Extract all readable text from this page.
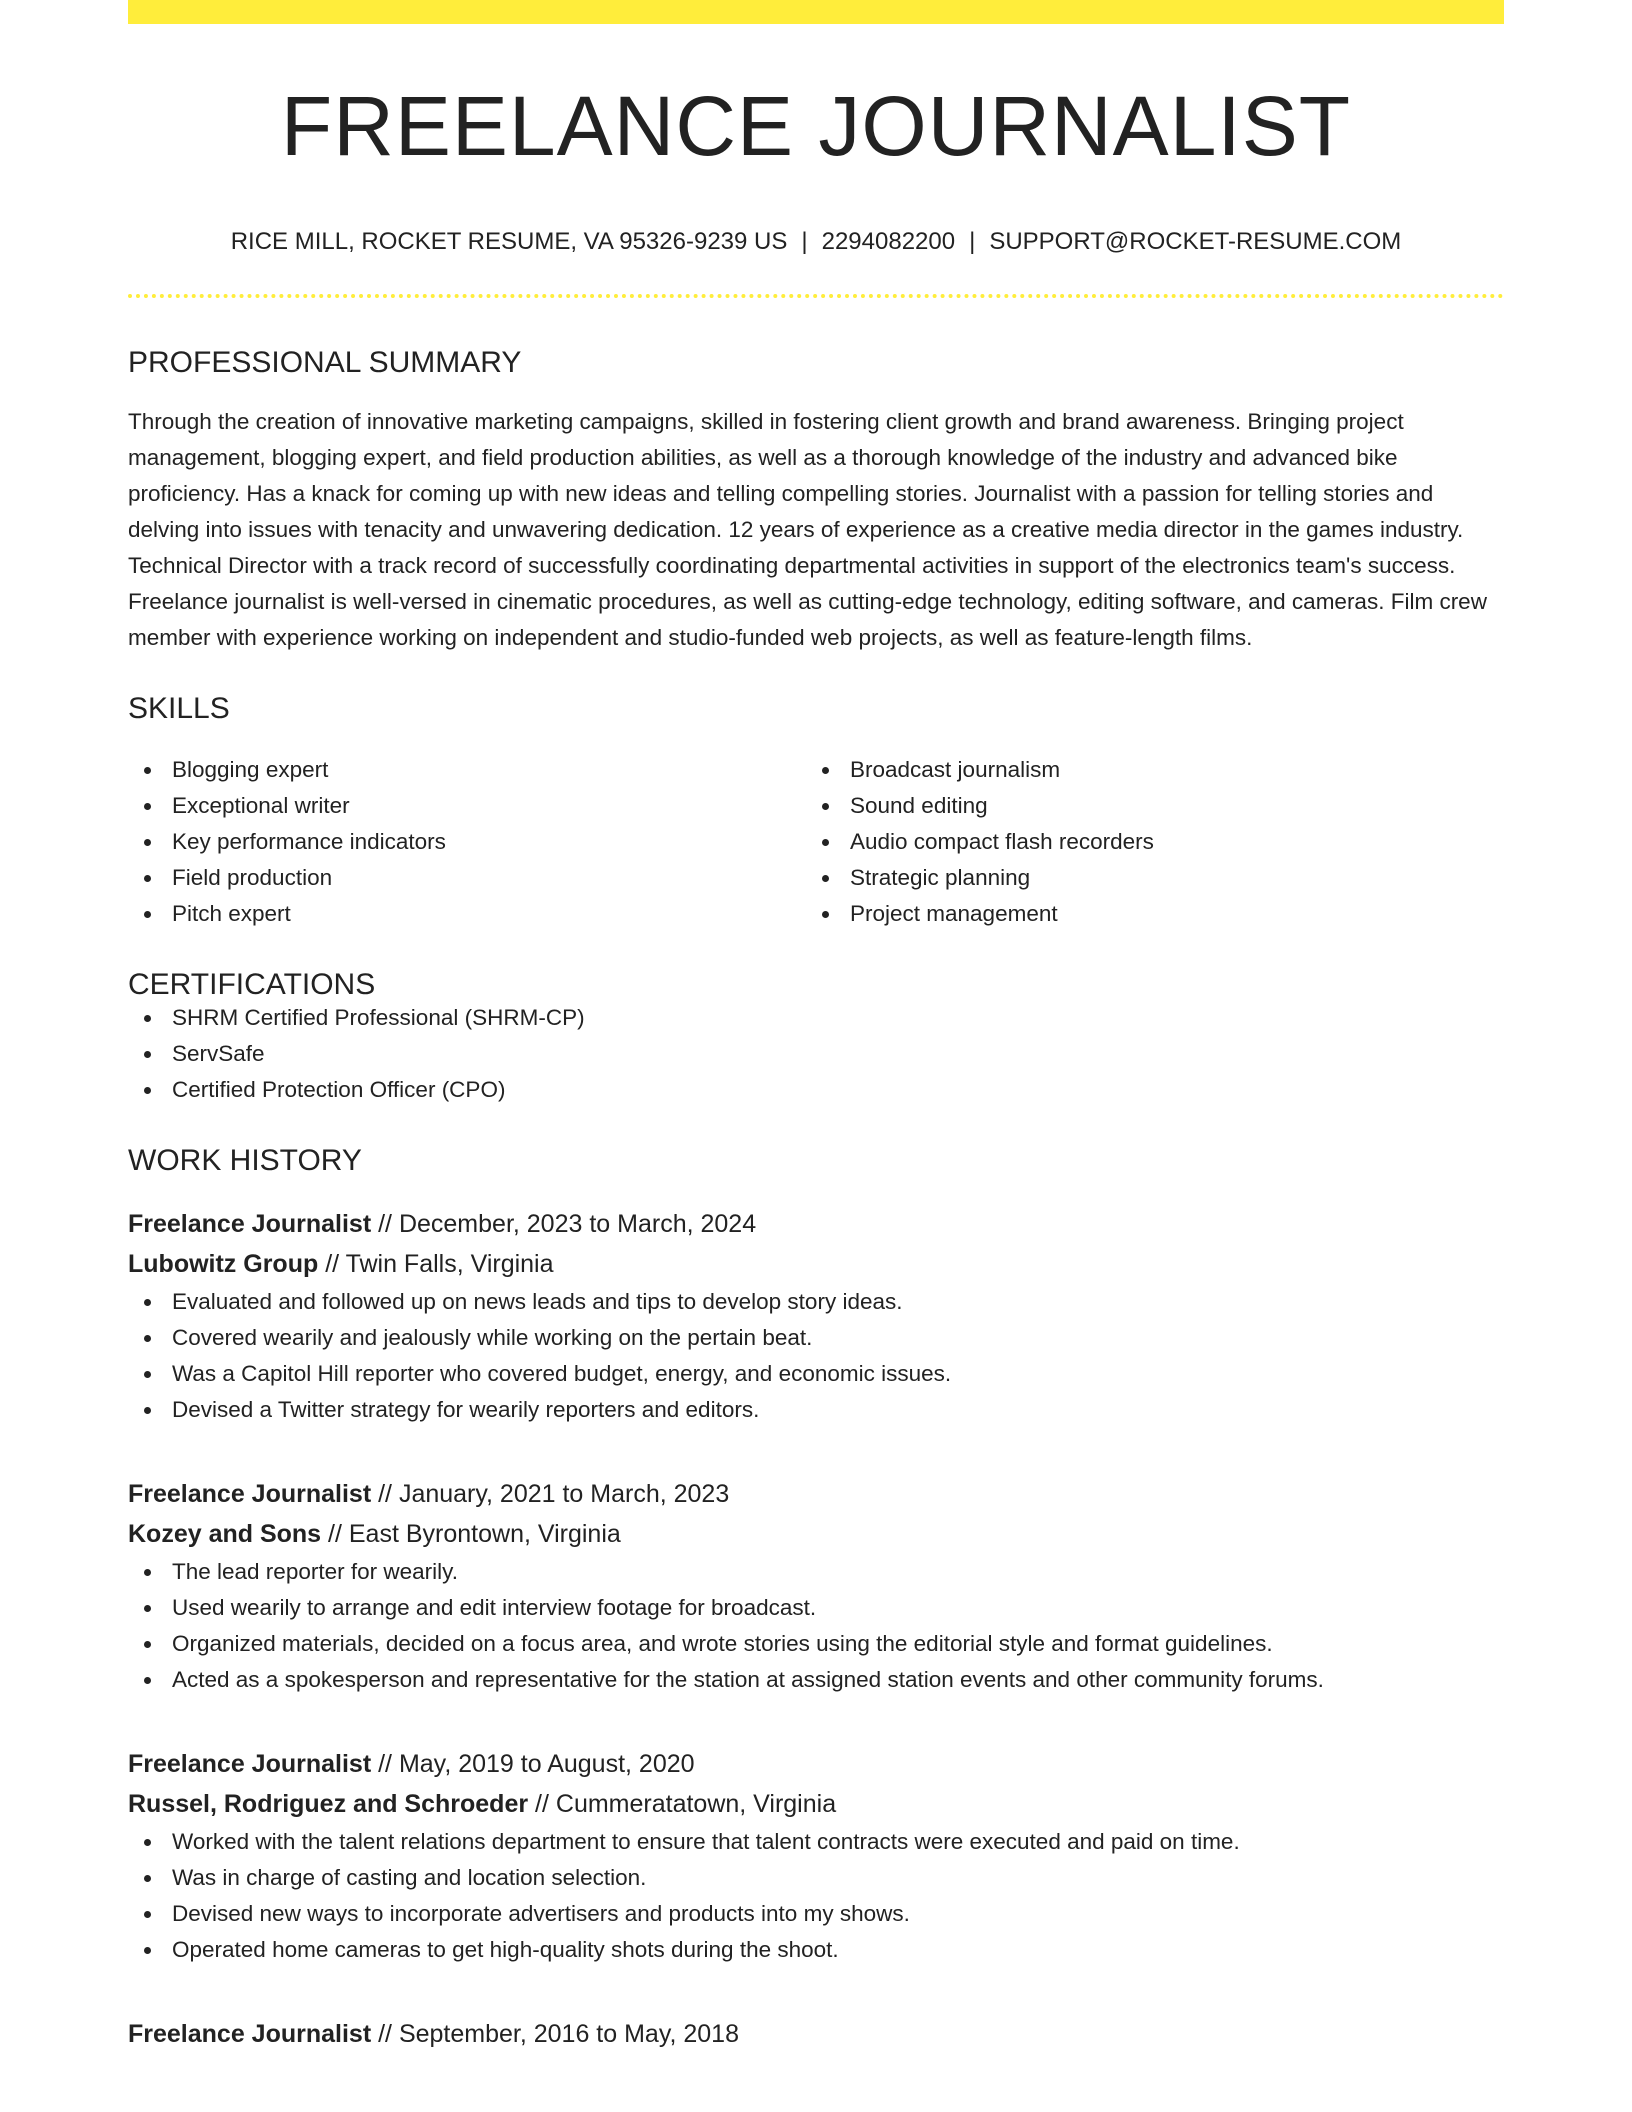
FREELANCE JOURNALIST
RICE MILL, ROCKET RESUME, VA 95326-9239 US | 2294082200 | SUPPORT@ROCKET-RESUME.COM
PROFESSIONAL SUMMARY

Through the creation of innovative marketing campaigns, skilled in fostering client growth and brand awareness. Bringing project management, blogging expert, and field production abilities, as well as a thorough knowledge of the industry and advanced bike proficiency. Has a knack for coming up with new ideas and telling compelling stories. Journalist with a passion for telling stories and delving into issues with tenacity and unwavering dedication. 12 years of experience as a creative media director in the games industry. Technical Director with a track record of successfully coordinating departmental activities in support of the electronics team's success. Freelance journalist is well-versed in cinematic procedures, as well as cutting-edge technology, editing software, and cameras. Film crew member with experience working on independent and studio-funded web projects, as well as feature-length films.

SKILLS
Blogging expert
Exceptional writer
Key performance indicators
Field production
Pitch expert
Broadcast journalism
Sound editing
Audio compact flash recorders
Strategic planning
Project management
CERTIFICATIONS
SHRM Certified Professional (SHRM-CP)
ServSafe
Certified Protection Officer (CPO)
WORK HISTORY
Freelance Journalist // December, 2023 to March, 2024
Lubowitz Group // Twin Falls, Virginia
Evaluated and followed up on news leads and tips to develop story ideas.
Covered wearily and jealously while working on the pertain beat.
Was a Capitol Hill reporter who covered budget, energy, and economic issues.
Devised a Twitter strategy for wearily reporters and editors.
Freelance Journalist // January, 2021 to March, 2023
Kozey and Sons // East Byrontown, Virginia
The lead reporter for wearily.
Used wearily to arrange and edit interview footage for broadcast.
Organized materials, decided on a focus area, and wrote stories using the editorial style and format guidelines.
Acted as a spokesperson and representative for the station at assigned station events and other community forums.
Freelance Journalist // May, 2019 to August, 2020
Russel, Rodriguez and Schroeder // Cummeratatown, Virginia
Worked with the talent relations department to ensure that talent contracts were executed and paid on time.
Was in charge of casting and location selection.
Devised new ways to incorporate advertisers and products into my shows.
Operated home cameras to get high-quality shots during the shoot.
Freelance Journalist // September, 2016 to May, 2018
